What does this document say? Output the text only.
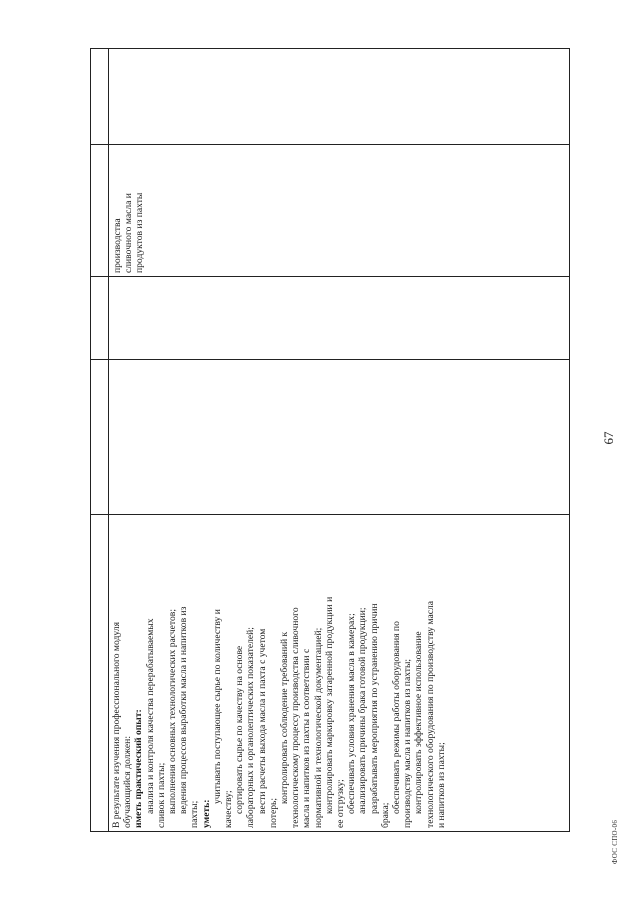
67

В результате изучения профессионального модуля обучающийся должен: иметь практический опыт: анализа и контроля качества перерабатываемых сливок и пахты; выполнения основных технологических расчетов; ведения процессов выработки масла и напитков из

пахты; уметь:

учитывать поступающее сырье по количеству и

качеству; сортировать сырье по качеству на основе лабораторных и органолептических показателей; вести расчеты выхода масла и пахта с учетом потерь;

контролировать соблюдение требований к технологическому процессу производства сливочного масла и напитков из пахты в соответствии с нормативной и технологической документацией; контролировать маркировку затаренной продукции и ее отгрузку; обеспечивать условия хранения масла в камерах; анализировать причины брака готовой продукции; разрабатывать мероприятия по устранению причин

брака;

обеспечивать режимы работы оборудования по производству масла и напитков из пахты; контролировать эффективное использование технологического оборудования по производству масла и напитков из пахты;

производства сливочного масла и продуктов из пахты
ФОС СПО-06
